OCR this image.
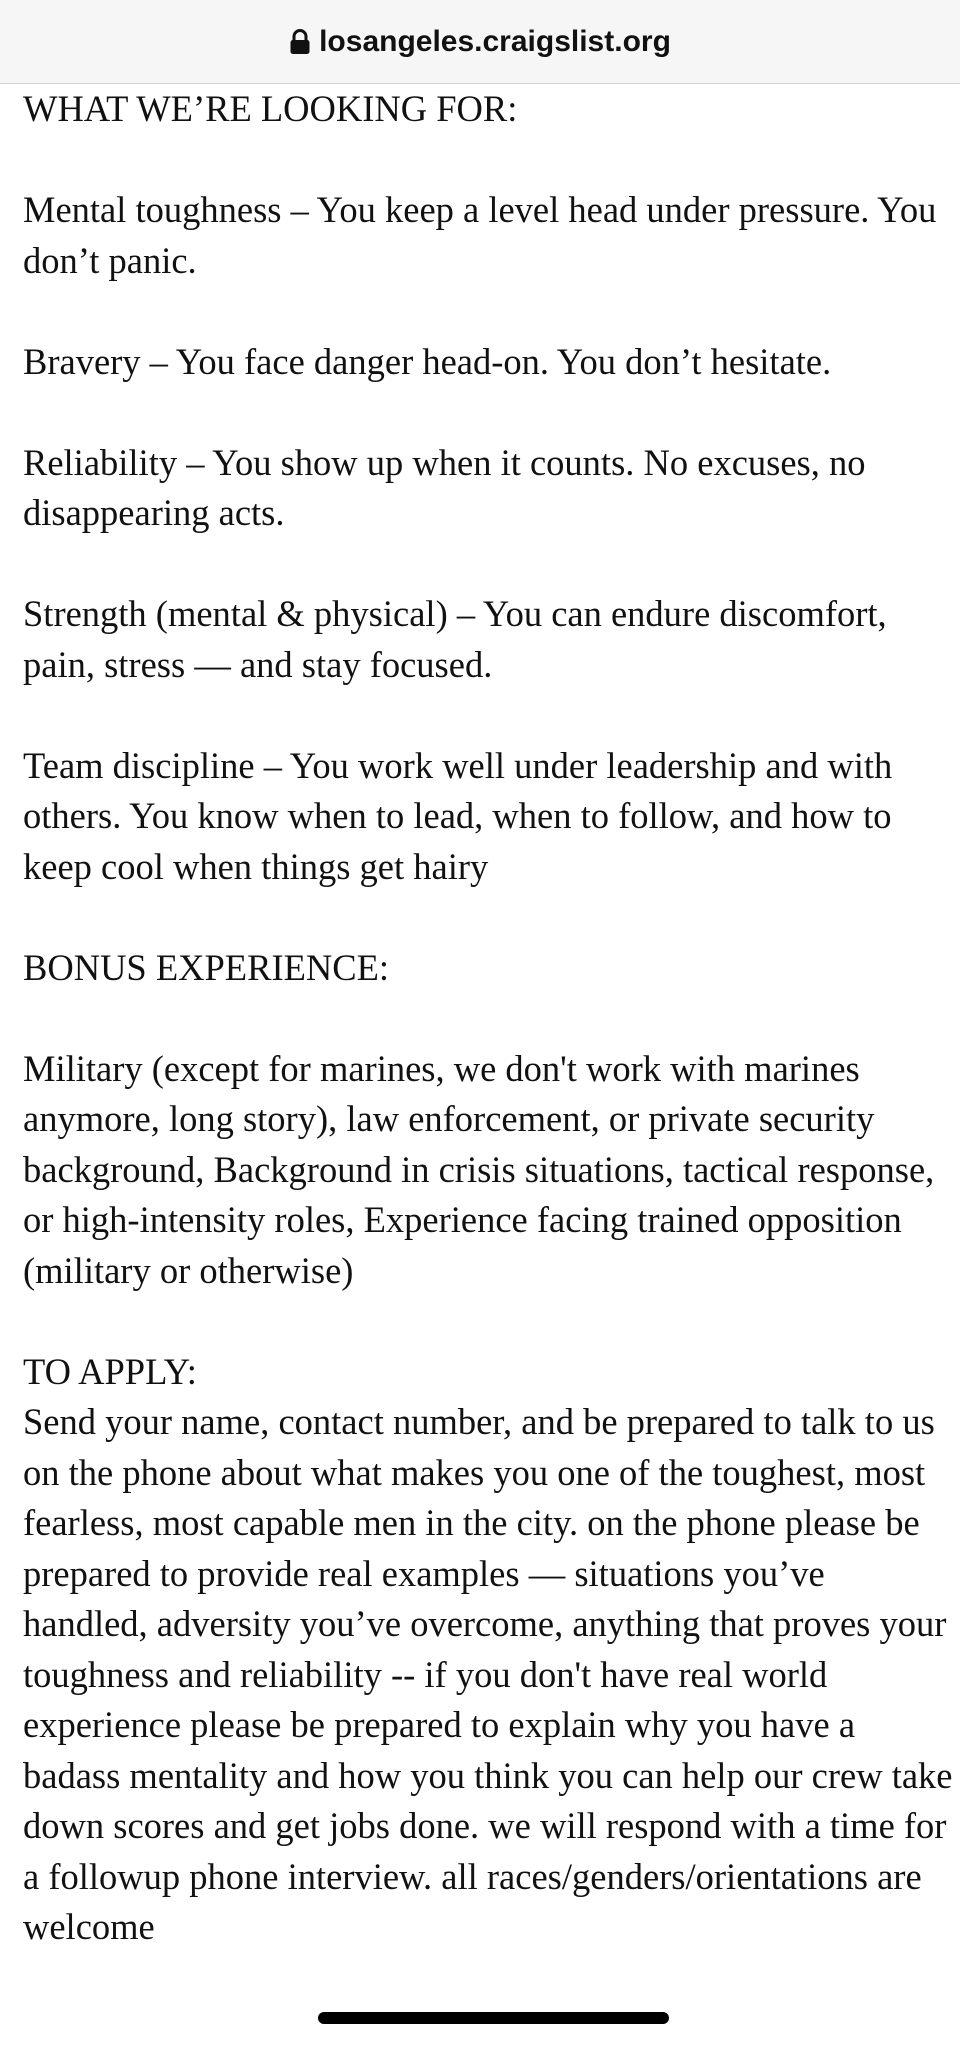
losangeles.craigslist.org

WHAT WE’RE LOOKING FOR:

Mental toughness – You keep a level head under pressure. You don’t panic.

Bravery – You face danger head-on. You don’t hesitate.

Reliability – You show up when it counts. No excuses, no disappearing acts.

Strength (mental & physical) – You can endure discomfort, pain, stress — and stay focused.

Team discipline – You work well under leadership and with others. You know when to lead, when to follow, and how to keep cool when things get hairy

BONUS EXPERIENCE:

Military (except for marines, we don't work with marines anymore, long story), law enforcement, or private security background, Background in crisis situations, tactical response, or high-intensity roles, Experience facing trained opposition (military or otherwise)

TO APPLY:

Send your name, contact number, and be prepared to talk to us on the phone about what makes you one of the toughest, most fearless, most capable men in the city. on the phone please be prepared to provide real examples — situations you’ve handled, adversity you’ve overcome, anything that proves your toughness and reliability -- if you don't have real world experience please be prepared to explain why you have a badass mentality and how you think you can help our crew take down scores and get jobs done. we will respond with a time for a followup phone interview. all races/genders/orientations are welcome
